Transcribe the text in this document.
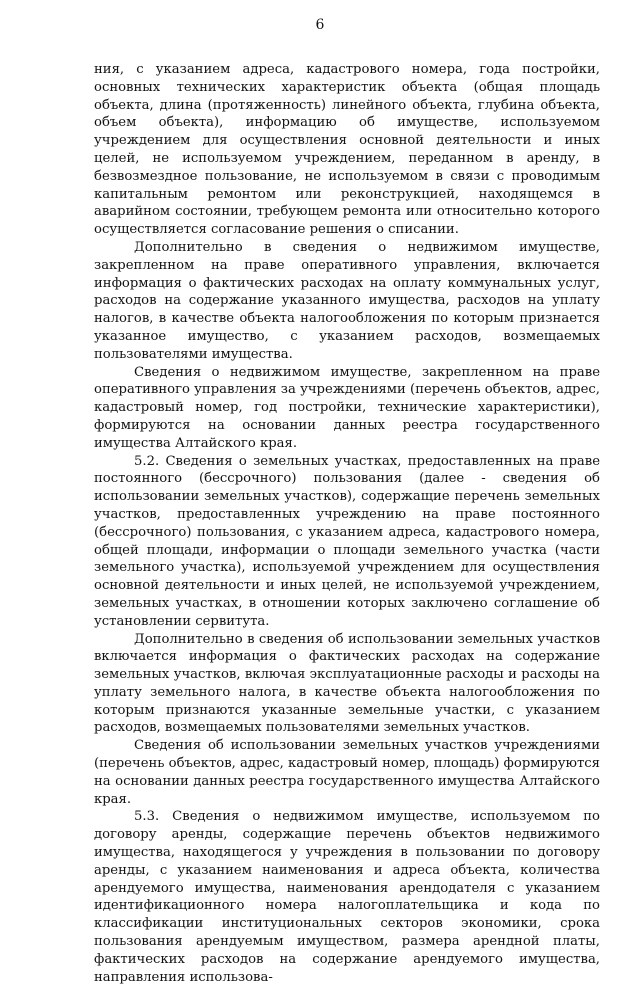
6

ния, с указанием адреса, кадастрового номера, года постройки, основных технических характеристик объекта (общая площадь объекта, длина (протяженность) линейного объекта, глубина объекта, объем объекта), информацию об имуществе, используемом учреждением для осуществления основной деятельности и иных целей, не используемом учреждением, переданном в аренду, в безвозмездное пользование, не используемом в связи с проводимым капитальным ремонтом или реконструкцией, находящемся в аварийном состоянии, требующем ремонта или относительно которого осуществляется согласование решения о списании.

Дополнительно в сведения о недвижимом имуществе, закрепленном на праве оперативного управления, включается информация о фактических расходах на оплату коммунальных услуг, расходов на содержание указанного имущества, расходов на уплату налогов, в качестве объекта налогообложения по которым признается указанное имущество, с указанием расходов, возмещаемых пользователями имущества.

Сведения о недвижимом имуществе, закрепленном на праве оперативного управления за учреждениями (перечень объектов, адрес, кадастровый номер, год постройки, технические характеристики), формируются на основании данных реестра государственного имущества Алтайского края.

5.2. Сведения о земельных участках, предоставленных на праве постоянного (бессрочного) пользования (далее - сведения об использовании земельных участков), содержащие перечень земельных участков, предоставленных учреждению на праве постоянного (бессрочного) пользования, с указанием адреса, кадастрового номера, общей площади, информации о площади земельного участка (части земельного участка), используемой учреждением для осуществления основной деятельности и иных целей, не используемой учреждением, земельных участках, в отношении которых заключено соглашение об установлении сервитута.

Дополнительно в сведения об использовании земельных участков включается информация о фактических расходах на содержание земельных участков, включая эксплуатационные расходы и расходы на уплату земельного налога, в качестве объекта налогообложения по которым признаются указанные земельные участки, с указанием расходов, возмещаемых пользователями земельных участков.

Сведения об использовании земельных участков учреждениями (перечень объектов, адрес, кадастровый номер, площадь) формируются на основании данных реестра государственного имущества Алтайского края.

5.3. Сведения о недвижимом имуществе, используемом по договору аренды, содержащие перечень объектов недвижимого имущества, находящегося у учреждения в пользовании по договору аренды, с указанием наименования и адреса объекта, количества арендуемого имущества, наименования арендодателя с указанием идентификационного номера налогоплательщика и кода по классификации институциональных секторов экономики, срока пользования арендуемым имуществом, размера арендной платы, фактических расходов на содержание арендуемого имущества, направления использова-
